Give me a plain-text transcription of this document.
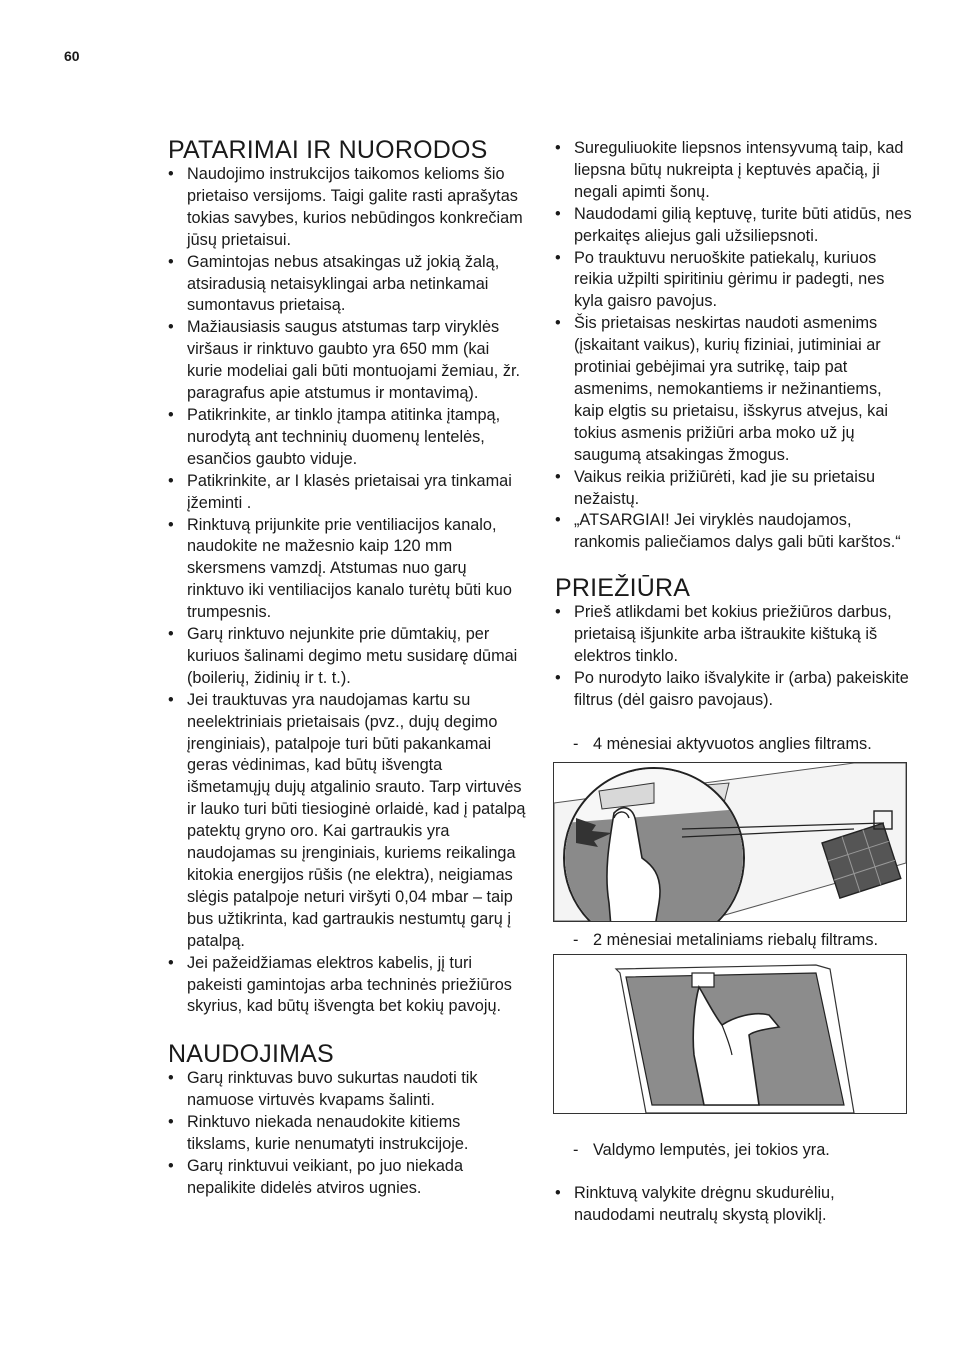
60
PATARIMAI IR NUORODOS
• Naudojimo instrukcijos taikomos kelioms šio prietaiso versijoms. Taigi galite rasti aprašytas tokias savybes, kurios nebūdingos konkrečiam jūsų prietaisui.
• Gamintojas nebus atsakingas už jokią žalą, atsiradusią netaisyklingai arba netinkamai sumontavus prietaisą.
• Mažiausiasis saugus atstumas tarp viryklės viršaus ir rinktuvo gaubto yra 650 mm (kai kurie modeliai gali būti montuojami žemiau, žr. paragrafus apie atstumus ir montavimą).
• Patikrinkite, ar tinklo įtampa atitinka įtampą, nurodytą ant techninių duomenų lentelės, esančios gaubto viduje.
• Patikrinkite, ar I klasės prietaisai yra tinkamai įžeminti .
• Rinktuvą prijunkite prie ventiliacijos kanalo, naudokite ne mažesnio kaip 120 mm skersmens vamzdį. Atstumas nuo garų rinktuvo iki ventiliacijos kanalo turėtų būti kuo trumpesnis.
• Garų rinktuvo nejunkite prie dūmtakių, per kuriuos šalinami degimo metu susidarę dūmai (boilerių, židinių ir t. t.).
• Jei trauktuvas yra naudojamas kartu su neelektriniais prietaisais (pvz., dujų degimo įrenginiais), patalpoje turi būti pakankamai geras vėdinimas, kad būtų išvengta išmetamųjų dujų atgalinio srauto. Tarp virtuvės ir lauko turi būti tiesioginė orlaidė, kad į patalpą patektų gryno oro. Kai gartraukis yra naudojamas su įrenginiais, kuriems reikalinga kitokia energijos rūšis (ne elektra), neigiamas slėgis patalpoje neturi viršyti 0,04 mbar – taip bus užtikrinta, kad gartraukis nestumtų garų į patalpą.
• Jei pažeidžiamas elektros kabelis, jį turi pakeisti gamintojas arba techninės priežiūros skyrius, kad būtų išvengta bet kokių pavojų.
NAUDOJIMAS
• Garų rinktuvas buvo sukurtas naudoti tik namuose virtuvės kvapams šalinti.
• Rinktuvo niekada nenaudokite kitiems tikslams, kurie nenumatyti instrukcijoje.
• Garų rinktuvui veikiant, po juo niekada nepalikite didelės atviros ugnies.
• Sureguliuokite liepsnos intensyvumą taip, kad liepsna būtų nukreipta į keptuvės apačią, ji negali apimti šonų.
• Naudodami gilią keptuvę, turite būti atidūs, nes perkaitęs aliejus gali užsiliepsnoti.
• Po trauktuvu neruoškite patiekalų, kuriuos reikia užpilti spiritiniu gėrimu ir padegti, nes kyla gaisro pavojus.
• Šis prietaisas neskirtas naudoti asmenims (įskaitant vaikus), kurių fiziniai, jutiminiai ar protiniai gebėjimai yra sutrikę, taip pat asmenims, nemokantiems ir nežinantiems, kaip elgtis su prietaisu, išskyrus atvejus, kai tokius asmenis prižiūri arba moko už jų saugumą atsakingas žmogus.
• Vaikus reikia prižiūrėti, kad jie su prietaisu nežaistų.
• „ATSARGIAI! Jei viryklės naudojamos, rankomis paliečiamos dalys gali būti karštos.“
PRIEŽIŪRA
• Prieš atlikdami bet kokius priežiūros darbus, prietaisą išjunkite arba ištraukite kištuką iš elektros tinklo.
• Po nurodyto laiko išvalykite ir (arba) pakeiskite filtrus (dėl gaisro pavojaus).
- 4 mėnesiai aktyvuotos anglies filtrams.
- 2 mėnesiai metaliniams riebalų filtrams.
- Valdymo lemputės, jei tokios yra.
• Rinktuvą valykite drėgnu skudurėliu, naudodami neutralų skystą ploviklį.
